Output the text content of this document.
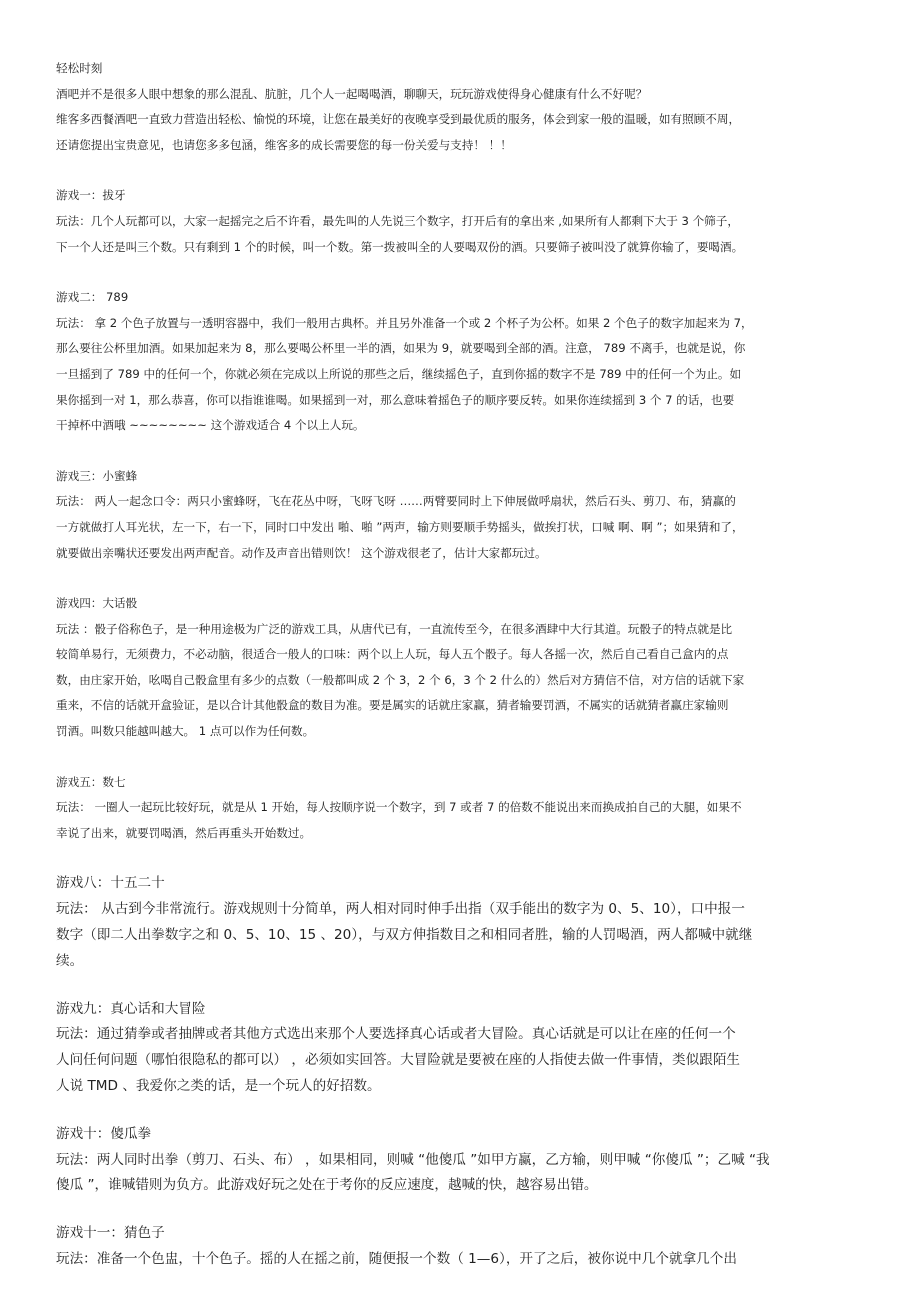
轻松时刻

酒吧并不是很多人眼中想象的那么混乱、肮脏，几个人一起喝喝酒，聊聊天，玩玩游戏使得身心健康有什么不好呢？

维客多西餐酒吧一直致力营造出轻松、愉悦的环境，让您在最美好的夜晚享受到最优质的服务，体会到家一般的温暖，如有照顾不周，

还请您提出宝贵意见，也请您多多包涵，维客多的成长需要您的每一份关爱与支持！ ！！

游戏一：拔牙

玩法：几个人玩都可以，大家一起摇完之后不许看，最先叫的人先说三个数字，打开后有的拿出来 ,如果所有人都剩下大于 3 个筛子，

下一个人还是叫三个数。只有剩到 1 个的时候，叫一个数。第一拨被叫全的人要喝双份的酒。只要筛子被叫没了就算你输了，要喝酒。

游戏二： 789

玩法： 拿 2 个色子放置与一透明容器中，我们一般用古典杯。并且另外准备一个或 2 个杯子为公杯。如果 2 个色子的数字加起来为 7，

那么要往公杯里加酒。如果加起来为 8，那么要喝公杯里一半的酒，如果为 9，就要喝到全部的酒。注意， 789 不离手，也就是说，你

一旦摇到了 789 中的任何一个，你就必须在完成以上所说的那些之后，继续摇色子，直到你摇的数字不是 789 中的任何一个为止。如

果你摇到一对 1，那么恭喜，你可以指谁谁喝。如果摇到一对，那么意味着摇色子的顺序要反转。如果你连续摇到 3 个 7 的话，也要

干掉杯中酒哦 ~~~~~~~~ 这个游戏适合 4 个以上人玩。

游戏三：小蜜蜂

玩法： 两人一起念口令：两只小蜜蜂呀，飞在花丛中呀，飞呀飞呀 ……两臂要同时上下伸展做呼扇状，然后石头、剪刀、布，猜赢的

一方就做打人耳光状，左一下，右一下，同时口中发出 啪、啪 ”两声，输方则要顺手势摇头，做挨打状，口喊 啊、啊 ”；如果猜和了，

就要做出亲嘴状还要发出两声配音。动作及声音出错则饮！ 这个游戏很老了，估计大家都玩过。

游戏四：大话骰

玩法 ：骰子俗称色子，是一种用途极为广泛的游戏工具，从唐代已有，一直流传至今，在很多酒肆中大行其道。玩骰子的特点就是比

较简单易行，无须费力，不必动脑，很适合一般人的口味：两个以上人玩，每人五个骰子。每人各摇一次，然后自己看自己盒内的点

数，由庄家开始，吆喝自己骰盒里有多少的点数（一般都叫成 2 个 3，2 个 6，3 个 2 什么的）然后对方猜信不信，对方信的话就下家

重来，不信的话就开盒验证，是以合计其他骰盒的数目为准。要是属实的话就庄家赢，猜者输要罚酒，不属实的话就猜者赢庄家输则

罚酒。叫数只能越叫越大。 1 点可以作为任何数。

游戏五：数七

玩法： 一圈人一起玩比较好玩，就是从 1 开始，每人按顺序说一个数字，到 7 或者 7 的倍数不能说出来而换成拍自己的大腿，如果不

幸说了出来，就要罚喝酒，然后再重头开始数过。

游戏八：十五二十

玩法： 从古到今非常流行。游戏规则十分简单，两人相对同时伸手出指（双手能出的数字为 0、5、10），口中报一

数字（即二人出拳数字之和 0、5、10、15 、20），与双方伸指数目之和相同者胜，输的人罚喝酒，两人都喊中就继

续。

游戏九：真心话和大冒险

玩法：通过猜拳或者抽牌或者其他方式选出来那个人要选择真心话或者大冒险。真心话就是可以让在座的任何一个

人问任何问题（哪怕很隐私的都可以） ，必须如实回答。大冒险就是要被在座的人指使去做一件事情，类似跟陌生

人说 TMD 、我爱你之类的话，是一个玩人的好招数。

游戏十：傻瓜拳

玩法：两人同时出拳（剪刀、石头、布） ，如果相同，则喊 “他傻瓜 ”如甲方赢，乙方输，则甲喊 “你傻瓜 ”；乙喊 “我

傻瓜 ”，谁喊错则为负方。此游戏好玩之处在于考你的反应速度，越喊的快，越容易出错。

游戏十一：猜色子

玩法：准备一个色盅，十个色子。摇的人在摇之前，随便报一个数（ 1—6），开了之后，被你说中几个就拿几个出
